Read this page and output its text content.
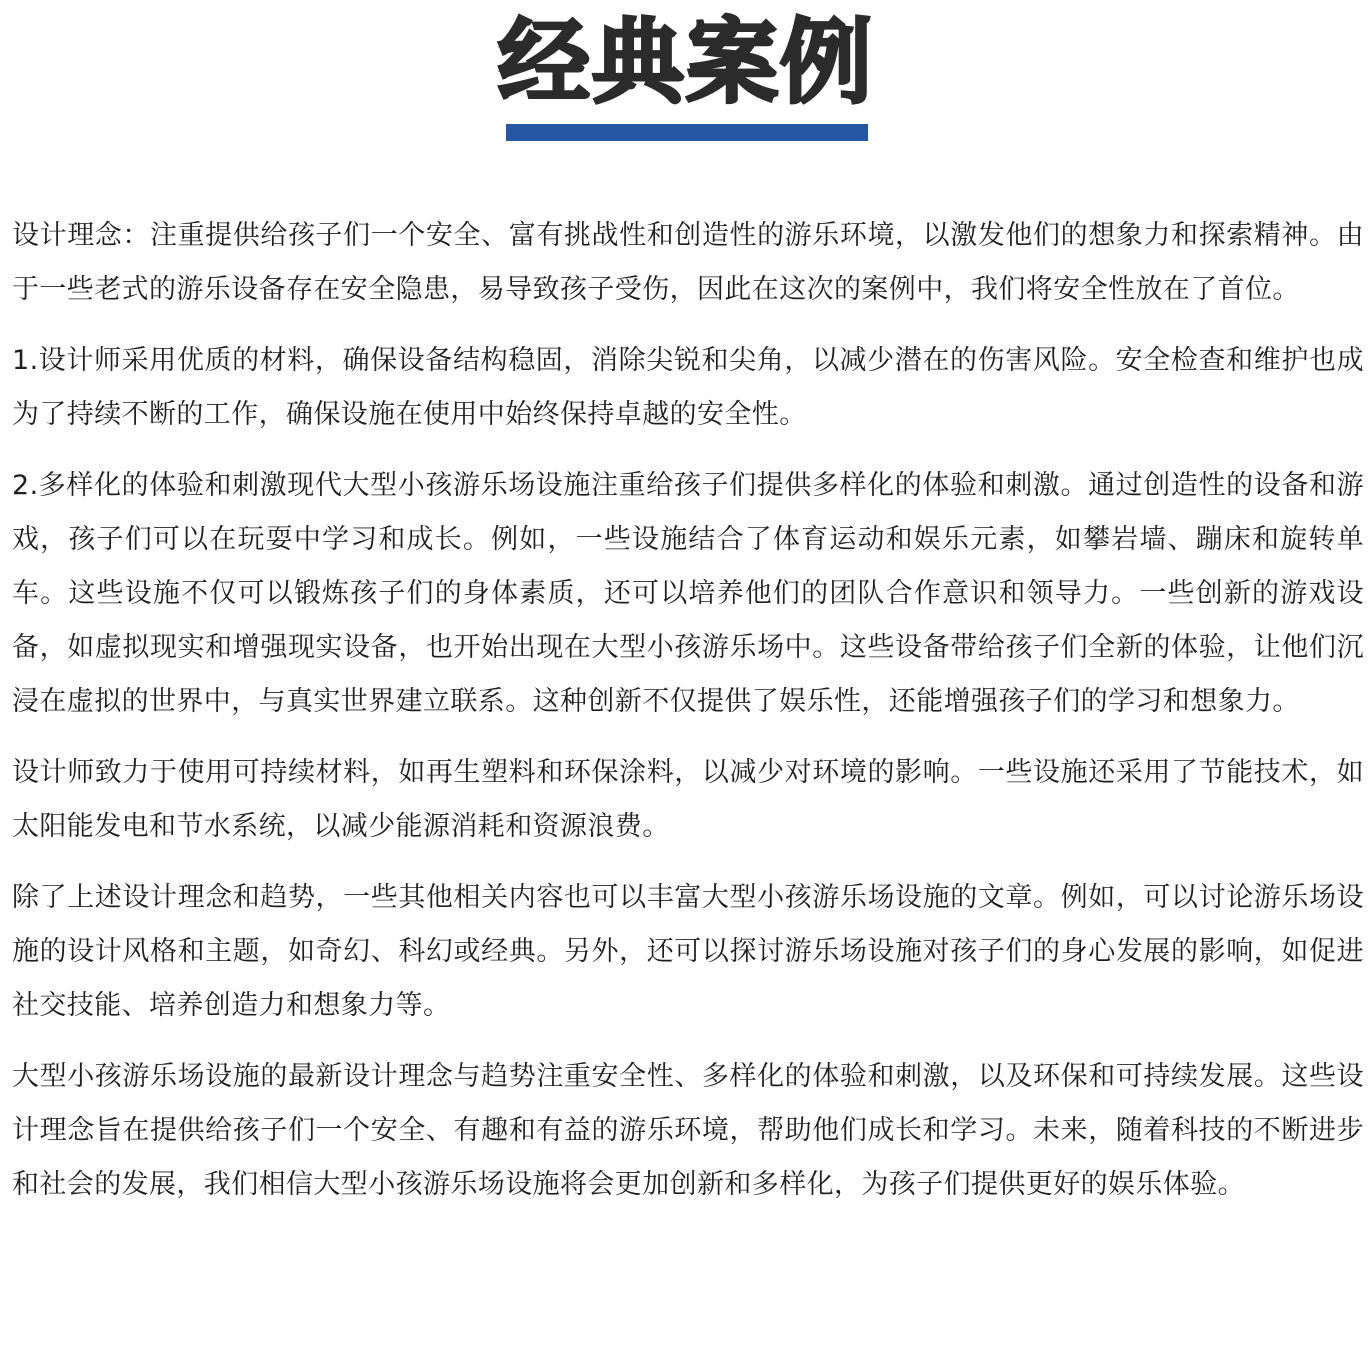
经典案例

设计理念：注重提供给孩子们一个安全、富有挑战性和创造性的游乐环境，以激发他们的想象力和探索精神。由于一些老式的游乐设备存在安全隐患，易导致孩子受伤，因此在这次的案例中，我们将安全性放在了首位。

1.设计师采用优质的材料，确保设备结构稳固，消除尖锐和尖角，以减少潜在的伤害风险。安全检查和维护也成为了持续不断的工作，确保设施在使用中始终保持卓越的安全性。

2.多样化的体验和刺激现代大型小孩游乐场设施注重给孩子们提供多样化的体验和刺激。通过创造性的设备和游戏，孩子们可以在玩耍中学习和成长。例如，一些设施结合了体育运动和娱乐元素，如攀岩墙、蹦床和旋转单车。这些设施不仅可以锻炼孩子们的身体素质，还可以培养他们的团队合作意识和领导力。一些创新的游戏设备，如虚拟现实和增强现实设备，也开始出现在大型小孩游乐场中。这些设备带给孩子们全新的体验，让他们沉浸在虚拟的世界中，与真实世界建立联系。这种创新不仅提供了娱乐性，还能增强孩子们的学习和想象力。

设计师致力于使用可持续材料，如再生塑料和环保涂料，以减少对环境的影响。一些设施还采用了节能技术，如太阳能发电和节水系统，以减少能源消耗和资源浪费。

除了上述设计理念和趋势，一些其他相关内容也可以丰富大型小孩游乐场设施的文章。例如，可以讨论游乐场设施的设计风格和主题，如奇幻、科幻或经典。另外，还可以探讨游乐场设施对孩子们的身心发展的影响，如促进社交技能、培养创造力和想象力等。

大型小孩游乐场设施的最新设计理念与趋势注重安全性、多样化的体验和刺激，以及环保和可持续发展。这些设计理念旨在提供给孩子们一个安全、有趣和有益的游乐环境，帮助他们成长和学习。未来，随着科技的不断进步和社会的发展，我们相信大型小孩游乐场设施将会更加创新和多样化，为孩子们提供更好的娱乐体验。
